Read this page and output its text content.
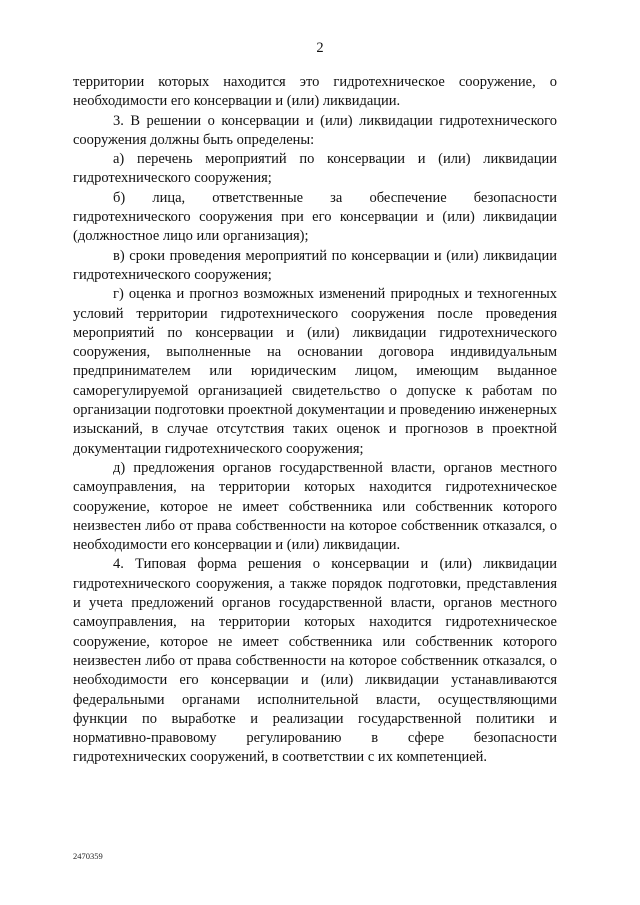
2

территории которых находится это гидротехническое сооружение, о необходимости его консервации и (или) ликвидации.

3. В решении о консервации и (или) ликвидации гидротехнического сооружения должны быть определены:

а) перечень мероприятий по консервации и (или) ликвидации гидротехнического сооружения;

б) лица, ответственные за обеспечение безопасности гидротехнического сооружения при его консервации и (или) ликвидации (должностное лицо или организация);

в) сроки проведения мероприятий по консервации и (или) ликвидации гидротехнического сооружения;

г) оценка и прогноз возможных изменений природных и техногенных условий территории гидротехнического сооружения после проведения мероприятий по консервации и (или) ликвидации гидротехнического сооружения, выполненные на основании договора индивидуальным предпринимателем или юридическим лицом, имеющим выданное саморегулируемой организацией свидетельство о допуске к работам по организации подготовки проектной документации и проведению инженерных изысканий, в случае отсутствия таких оценок и прогнозов в проектной документации гидротехнического сооружения;

д) предложения органов государственной власти, органов местного самоуправления, на территории которых находится гидротехническое сооружение, которое не имеет собственника или собственник которого неизвестен либо от права собственности на которое собственник отказался, о необходимости его консервации и (или) ликвидации.

4. Типовая форма решения о консервации и (или) ликвидации гидротехнического сооружения, а также порядок подготовки, представления и учета предложений органов государственной власти, органов местного самоуправления, на территории которых находится гидротехническое сооружение, которое не имеет собственника или собственник которого неизвестен либо от права собственности на которое собственник отказался, о необходимости его консервации и (или) ликвидации устанавливаются федеральными органами исполнительной власти, осуществляющими функции по выработке и реализации государственной политики и нормативно-правовому регулированию в сфере безопасности гидротехнических сооружений, в соответствии с их компетенцией.

2470359
